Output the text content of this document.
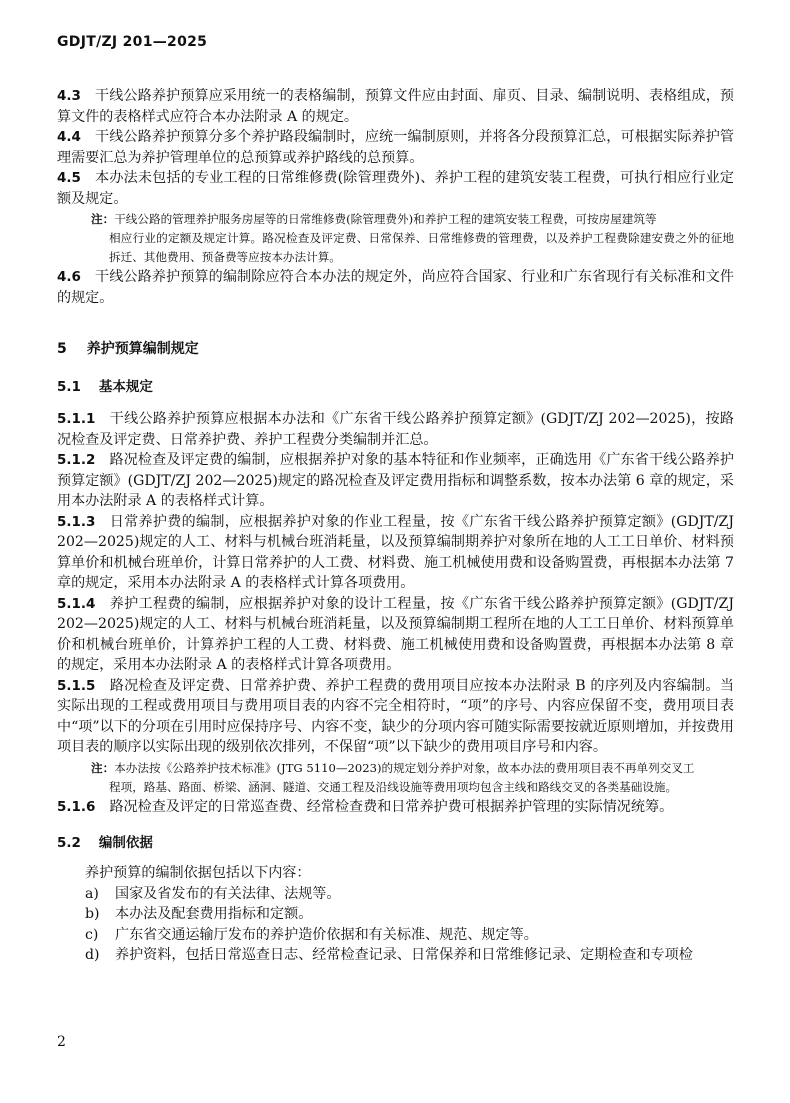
GDJT/ZJ 201—2025

4.3 干线公路养护预算应采用统一的表格编制，预算文件应由封面、扉页、目录、编制说明、表格组成，预算文件的表格样式应符合本办法附录 A 的规定。

4.4 干线公路养护预算分多个养护路段编制时，应统一编制原则，并将各分段预算汇总，可根据实际养护管理需要汇总为养护管理单位的总预算或养护路线的总预算。

4.5 本办法未包括的专业工程的日常维修费(除管理费外)、养护工程的建筑安装工程费，可执行相应行业定额及规定。

注：干线公路的管理养护服务房屋等的日常维修费(除管理费外)和养护工程的建筑安装工程费，可按房屋建筑等
相应行业的定额及规定计算。路况检查及评定费、日常保养、日常维修费的管理费，以及养护工程费除建安费之外的征地拆迁、其他费用、预备费等应按本办法计算。

4.6 干线公路养护预算的编制除应符合本办法的规定外，尚应符合国家、行业和广东省现行有关标准和文件的规定。

5 养护预算编制规定

5.1 基本规定

5.1.1 干线公路养护预算应根据本办法和《广东省干线公路养护预算定额》(GDJT/ZJ 202—2025)，按路况检查及评定费、日常养护费、养护工程费分类编制并汇总。

5.1.2 路况检查及评定费的编制，应根据养护对象的基本特征和作业频率，正确选用《广东省干线公路养护预算定额》(GDJT/ZJ 202—2025)规定的路况检查及评定费用指标和调整系数，按本办法第 6 章的规定，采用本办法附录 A 的表格样式计算。

5.1.3 日常养护费的编制，应根据养护对象的作业工程量，按《广东省干线公路养护预算定额》(GDJT/ZJ 202—2025)规定的人工、材料与机械台班消耗量，以及预算编制期养护对象所在地的人工工日单价、材料预算单价和机械台班单价，计算日常养护的人工费、材料费、施工机械使用费和设备购置费，再根据本办法第 7 章的规定，采用本办法附录 A 的表格样式计算各项费用。

5.1.4 养护工程费的编制，应根据养护对象的设计工程量，按《广东省干线公路养护预算定额》(GDJT/ZJ 202—2025)规定的人工、材料与机械台班消耗量，以及预算编制期工程所在地的人工工日单价、材料预算单价和机械台班单价，计算养护工程的人工费、材料费、施工机械使用费和设备购置费，再根据本办法第 8 章的规定，采用本办法附录 A 的表格样式计算各项费用。

5.1.5 路况检查及评定费、日常养护费、养护工程费的费用项目应按本办法附录 B 的序列及内容编制。当实际出现的工程或费用项目与费用项目表的内容不完全相符时，“项”的序号、内容应保留不变，费用项目表中“项”以下的分项在引用时应保持序号、内容不变，缺少的分项内容可随实际需要按就近原则增加，并按费用项目表的顺序以实际出现的级别依次排列，不保留“项”以下缺少的费用项目序号和内容。

注：本办法按《公路养护技术标准》(JTG 5110—2023)的规定划分养护对象，故本办法的费用项目表不再单列交叉工
程项，路基、路面、桥梁、涵洞、隧道、交通工程及沿线设施等费用项均包含主线和路线交叉的各类基础设施。

5.1.6 路况检查及评定的日常巡查费、经常检查费和日常养护费可根据养护管理的实际情况统筹。

5.2 编制依据

养护预算的编制依据包括以下内容：

a)	国家及省发布的有关法律、法规等。
b)	本办法及配套费用指标和定额。
c)	广东省交通运输厅发布的养护造价依据和有关标准、规范、规定等。
d)	养护资料，包括日常巡查日志、经常检查记录、日常保养和日常维修记录、定期检查和专项检
2
